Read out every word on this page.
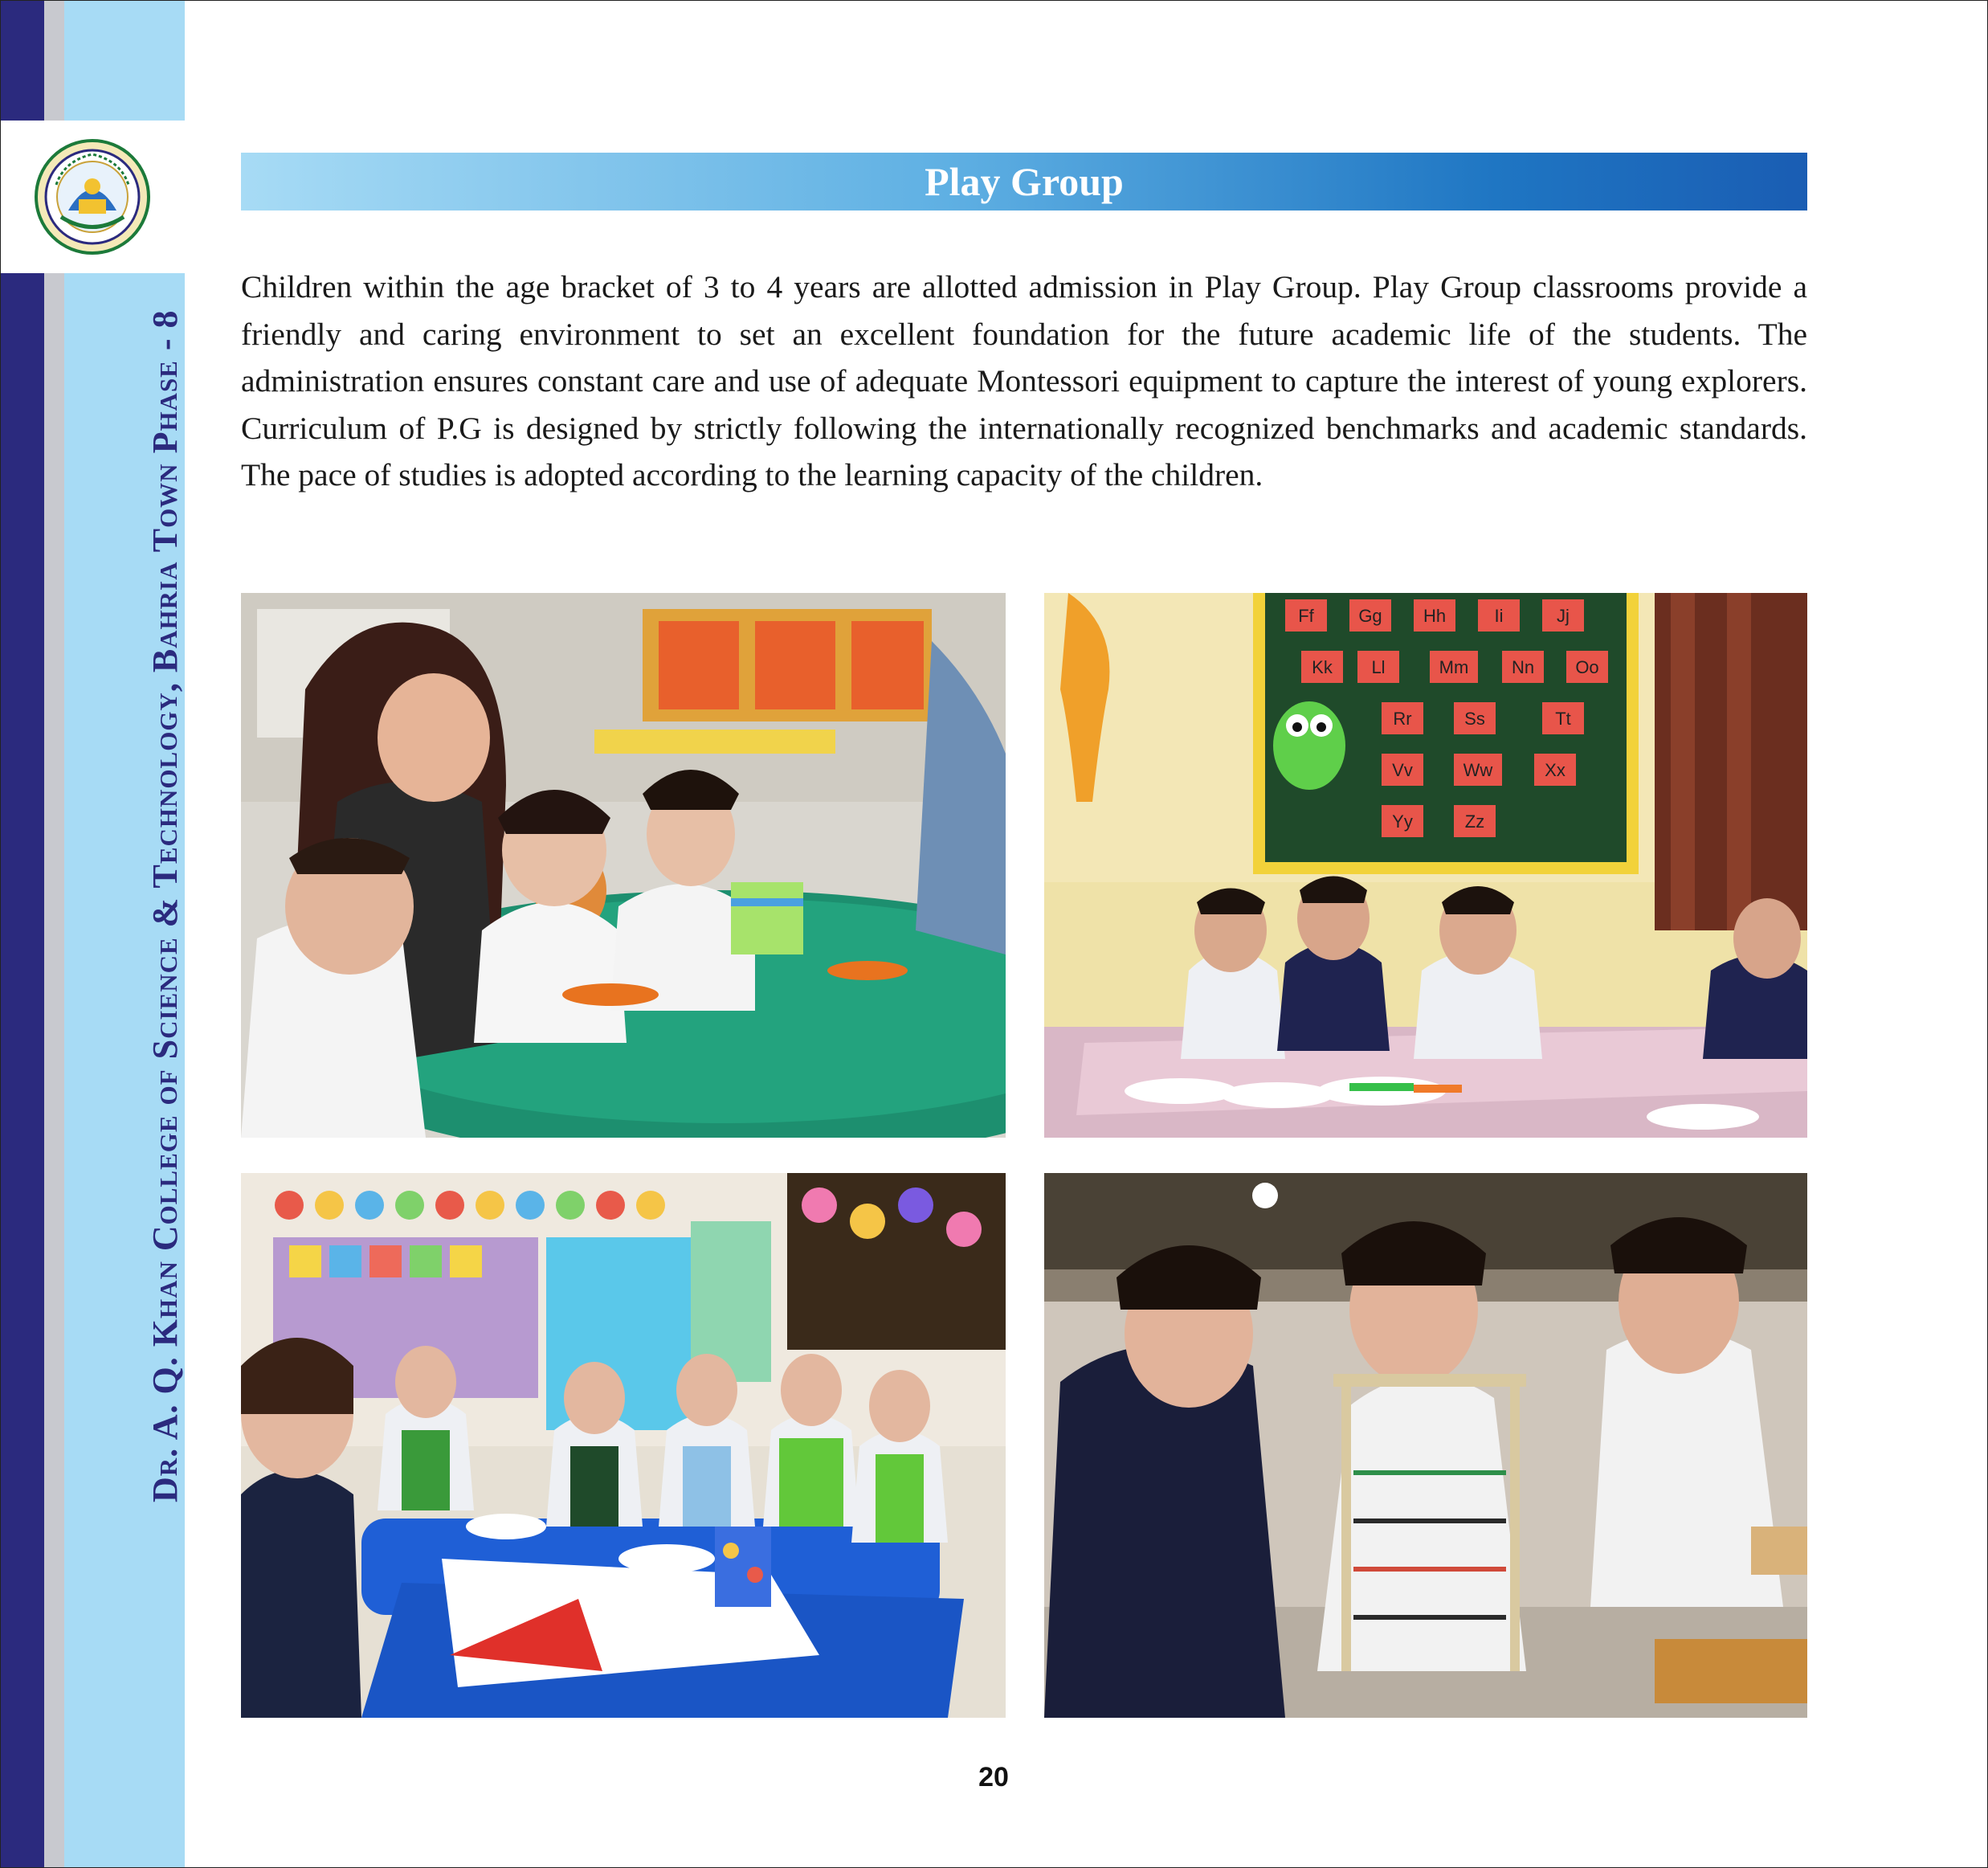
Dr. A. Q. Khan College of Science & Technology, Bahria Town Phase - 8
Play Group

Children within the age bracket of 3 to 4 years are allotted admission in Play Group. Play Group classrooms provide a friendly and caring environment to set an excellent foundation for the future academic life of the students. The administration ensures constant care and use of adequate Montessori equipment to capture the interest of young explorers. Curriculum of P.G is designed by strictly following the internationally recognized benchmarks and academic standards. The pace of studies is adopted according to the learning capacity of the children.

Ff	Gg Hh	Ii	Jj
Kk Ll	Mm Nn Oo
Rr	Ss	Tt
Vv	Ww	Xx
Yy	Zz
20
